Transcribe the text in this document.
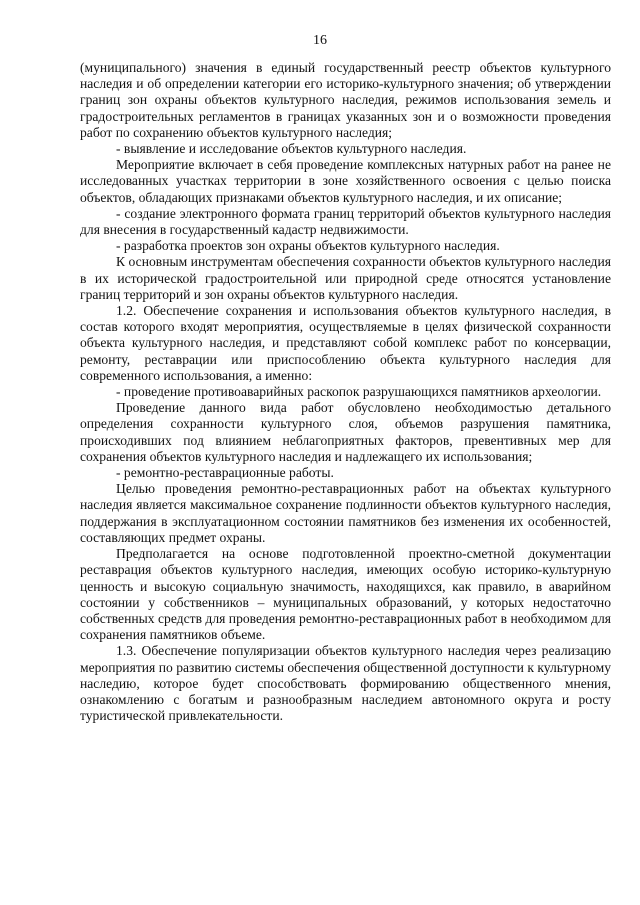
16

(муниципального) значения в единый государственный реестр объектов культурного наследия и об определении категории его историко-культурного значения; об утверждении границ зон охраны объектов культурного наследия, режимов использования земель и градостроительных регламентов в границах указанных зон и о возможности проведения работ по сохранению объектов культурного наследия;

- выявление и исследование объектов культурного наследия.

Мероприятие включает в себя проведение комплексных натурных работ на ранее не исследованных участках территории в зоне хозяйственного освоения с целью поиска объектов, обладающих признаками объектов культурного наследия, и их описание;

- создание электронного формата границ территорий объектов культурного наследия для внесения в государственный кадастр недвижимости.

- разработка проектов зон охраны объектов культурного наследия.

К основным инструментам обеспечения сохранности объектов культурного наследия в их исторической градостроительной или природной среде относятся установление границ территорий и зон охраны объектов культурного наследия.

1.2. Обеспечение сохранения и использования объектов культурного наследия, в состав которого входят мероприятия, осуществляемые в целях физической сохранности объекта культурного наследия, и представляют собой комплекс работ по консервации, ремонту, реставрации или приспособлению объекта культурного наследия для современного использования, а именно:

- проведение противоаварийных раскопок разрушающихся памятников археологии.

Проведение данного вида работ обусловлено необходимостью детального определения сохранности культурного слоя, объемов разрушения памятника, происходивших под влиянием неблагоприятных факторов, превентивных мер для сохранения объектов культурного наследия и надлежащего их использования;

- ремонтно-реставрационные работы.

Целью проведения ремонтно-реставрационных работ на объектах культурного наследия является максимальное сохранение подлинности объектов культурного наследия, поддержания в эксплуатационном состоянии памятников без изменения их особенностей, составляющих предмет охраны.

Предполагается на основе подготовленной проектно-сметной документации реставрация объектов культурного наследия, имеющих особую историко-культурную ценность и высокую социальную значимость, находящихся, как правило, в аварийном состоянии у собственников – муниципальных образований, у которых недостаточно собственных средств для проведения ремонтно-реставрационных работ в необходимом для сохранения памятников объеме.

1.3. Обеспечение популяризации объектов культурного наследия через реализацию мероприятия по развитию системы обеспечения общественной доступности к культурному наследию, которое будет способствовать формированию общественного мнения, ознакомлению с богатым и разнообразным наследием автономного округа и росту туристической привлекательности.
